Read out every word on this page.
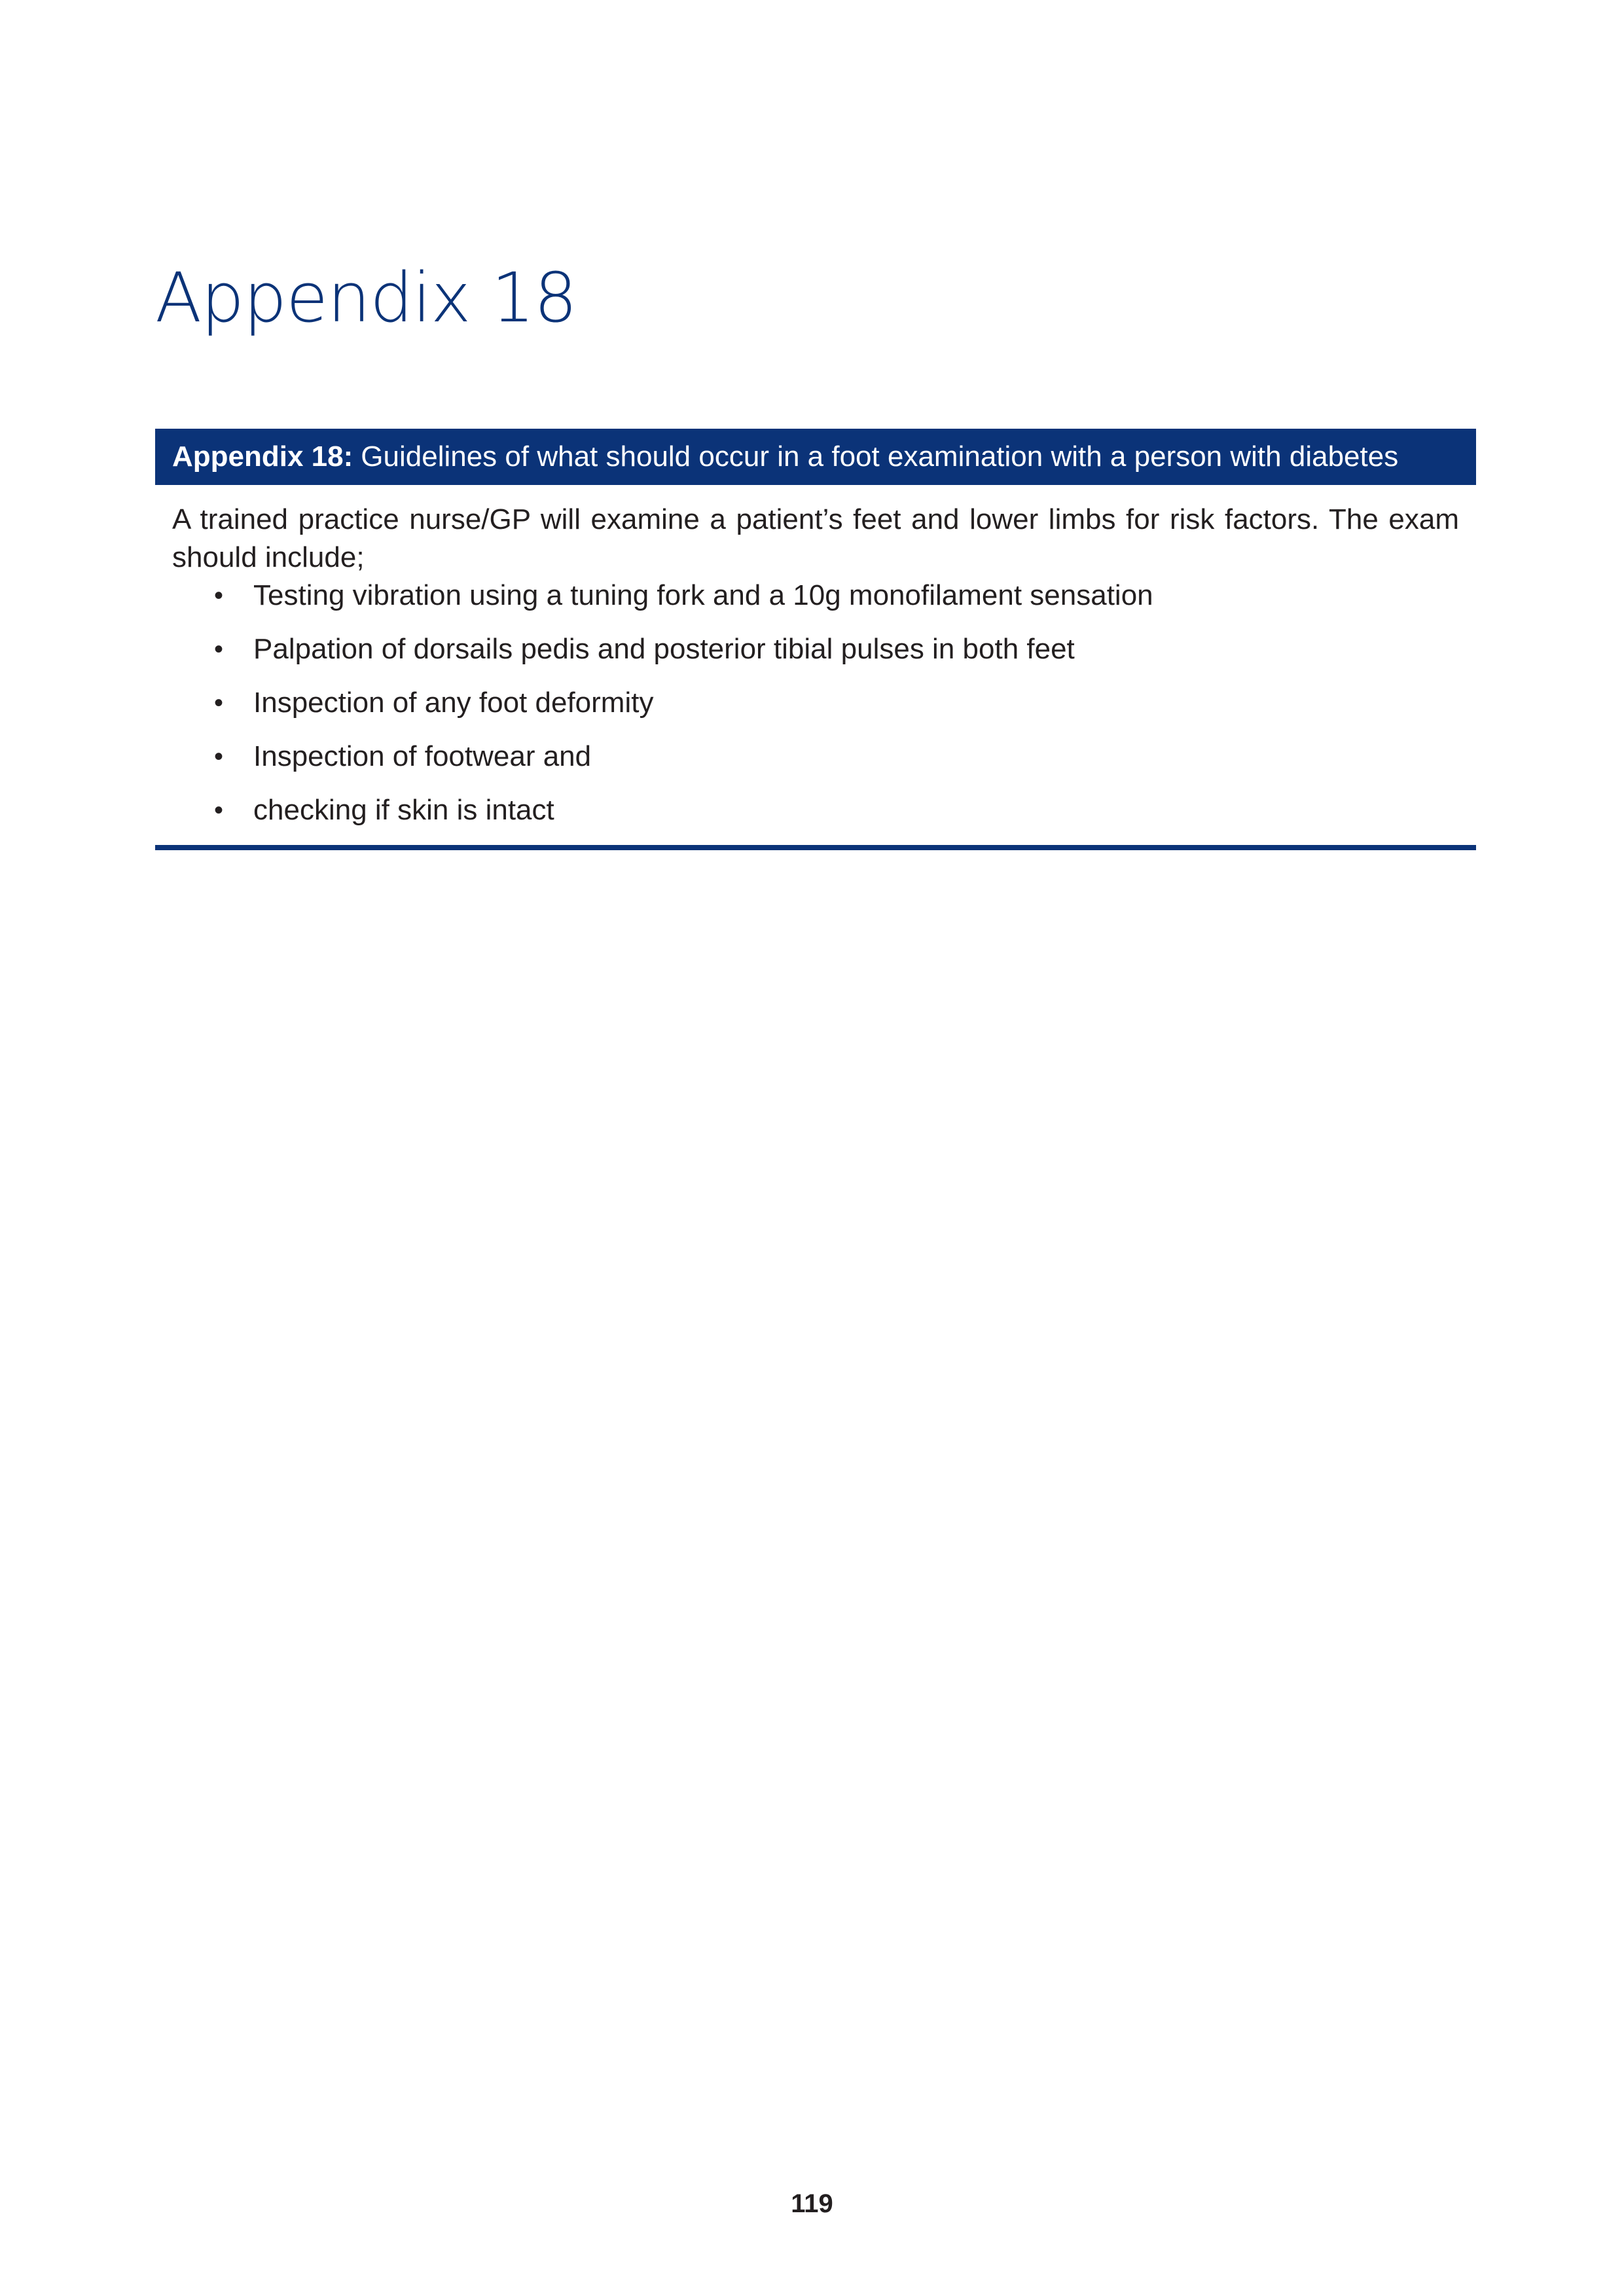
Appendix 18
Appendix 18: Guidelines of what should occur in a foot examination with a person with diabetes

A trained practice nurse/GP will examine a patient’s feet and lower limbs for risk factors. The exam should include;

•	Testing vibration using a tuning fork and a 10g monofilament sensation
•	Palpation of dorsails pedis and posterior tibial pulses in both feet
•	Inspection of any foot deformity
•	Inspection of footwear and
•	checking if skin is intact
119
